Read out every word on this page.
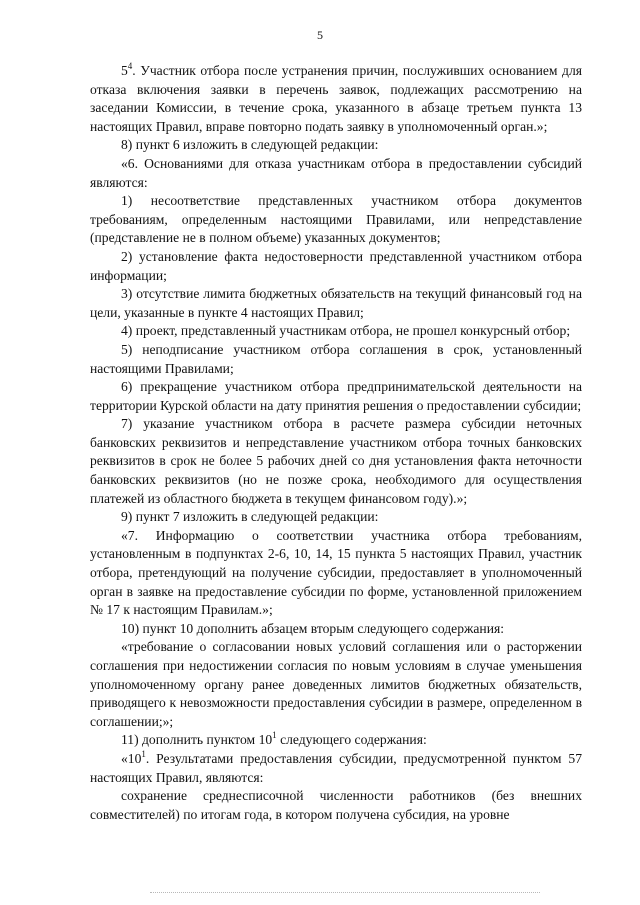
5

$5^4$. Участник отбора после устранения причин, послуживших основанием для отказа включения заявки в перечень заявок, подлежащих рассмотрению на заседании Комиссии, в течение срока, указанного в абзаце третьем пункта 13 настоящих Правил, вправе повторно подать заявку в уполномоченный орган.»;

8) пункт 6 изложить в следующей редакции:

«6. Основаниями для отказа участникам отбора в предоставлении субсидий являются:

1) несоответствие представленных участником отбора документов требованиям, определенным настоящими Правилами, или непредставление (представление не в полном объеме) указанных документов;

2) установление факта недостоверности представленной участником отбора информации;

3) отсутствие лимита бюджетных обязательств на текущий финансовый год на цели, указанные в пункте 4 настоящих Правил;

4) проект, представленный участникам отбора, не прошел конкурсный отбор;

5) неподписание участником отбора соглашения в срок, установленный настоящими Правилами;

6) прекращение участником отбора предпринимательской деятельности на территории Курской области на дату принятия решения о предоставлении субсидии;

7) указание участником отбора в расчете размера субсидии неточных банковских реквизитов и непредставление участником отбора точных банковских реквизитов в срок не более 5 рабочих дней со дня установления факта неточности банковских реквизитов (но не позже срока, необходимого для осуществления платежей из областного бюджета в текущем финансовом году).»;

9) пункт 7 изложить в следующей редакции:

«7. Информацию о соответствии участника отбора требованиям, установленным в подпунктах 2-6, 10, 14, 15 пункта 5 настоящих Правил, участник отбора, претендующий на получение субсидии, предоставляет в уполномоченный орган в заявке на предоставление субсидии по форме, установленной приложением № 17 к настоящим Правилам.»;

10) пункт 10 дополнить абзацем вторым следующего содержания:

«требование о согласовании новых условий соглашения или о расторжении соглашения при недостижении согласия по новым условиям в случае уменьшения уполномоченному органу ранее доведенных лимитов бюджетных обязательств, приводящего к невозможности предоставления субсидии в размере, определенном в соглашении;»;

11) дополнить пунктом $10^1$ следующего содержания:

«$10^1$. Результатами предоставления субсидии, предусмотренной пунктом 57 настоящих Правил, являются:

сохранение среднесписочной численности работников (без внешних совместителей) по итогам года, в котором получена субсидия, на уровне
